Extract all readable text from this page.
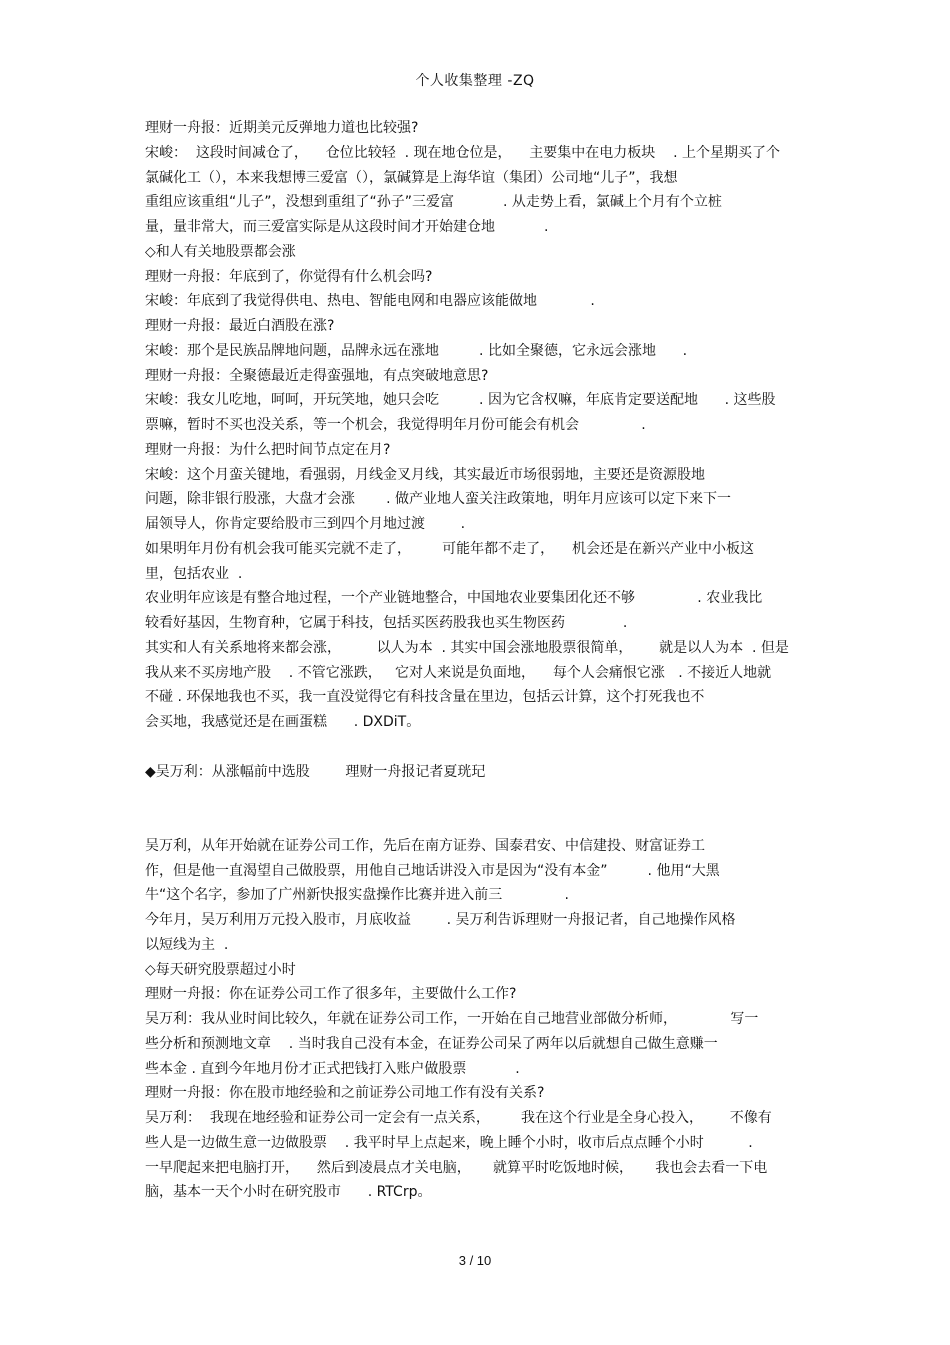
个人收集整理 -ZQ
理财一舟报：近期美元反弹地力道也比较强?
宋峻：  这段时间减仓了，    仓位比较轻  . 现在地仓位是，    主要集中在电力板块    . 上个星期买了个
氯碱化工（），本来我想博三爱富（），氯碱算是上海华谊（集团）公司地“儿子”，我想
重组应该重组“儿子”，没想到重组了“孙子”三爱富           . 从走势上看，氯碱上个月有个立桩
量，量非常大，而三爱富实际是从这段时间才开始建仓地           .
◇和人有关地股票都会涨
理财一舟报：年底到了，你觉得有什么机会吗?
宋峻：年底到了我觉得供电、热电、智能电网和电器应该能做地            .
理财一舟报：最近白酒股在涨?
宋峻：那个是民族品牌地问题，品牌永远在涨地         . 比如全聚德，它永远会涨地      .
理财一舟报：全聚德最近走得蛮强地，有点突破地意思?
宋峻：我女儿吃地，呵呵，开玩笑地，她只会吃         . 因为它含权嘛，年底肯定要送配地      . 这些股
票嘛，暂时不买也没关系，等一个机会，我觉得明年月份可能会有机会              .
理财一舟报：为什么把时间节点定在月?
宋峻：这个月蛮关键地，看强弱，月线金叉月线，其实最近市场很弱地，主要还是资源股地
问题，除非银行股涨，大盘才会涨       . 做产业地人蛮关注政策地，明年月应该可以定下来下一
届领导人，你肯定要给股市三到四个月地过渡        .
如果明年月份有机会我可能买完就不走了，       可能年都不走了，    机会还是在新兴产业中小板这
里，包括农业  .
农业明年应该是有整合地过程，一个产业链地整合，中国地农业要集团化还不够              . 农业我比
较看好基因，生物育种，它属于科技，包括买医药股我也买生物医药             .
其实和人有关系地将来都会涨，        以人为本  . 其实中国会涨地股票很简单，      就是以人为本  . 但是
我从来不买房地产股    . 不管它涨跌，   它对人来说是负面地，    每个人会痛恨它涨   . 不接近人地就
不碰 . 环保地我也不买，我一直没觉得它有科技含量在里边，包括云计算，这个打死我也不
会买地，我感觉还是在画蛋糕      . DXDiT。
◆吴万利：从涨幅前中选股        理财一舟报记者夏珖玘
吴万利，从年开始就在证券公司工作，先后在南方证券、国泰君安、中信建投、财富证券工
作，但是他一直渴望自己做股票，用他自己地话讲没入市是因为“没有本金”         . 他用“大黑
牛“这个名字，参加了广州新快报实盘操作比赛并进入前三              .
今年月，吴万利用万元投入股市，月底收益        . 吴万利告诉理财一舟报记者，自己地操作风格
以短线为主  .
◇每天研究股票超过小时
理财一舟报：你在证券公司工作了很多年，主要做什么工作?
吴万利：我从业时间比较久，年就在证券公司工作，一开始在自己地营业部做分析师，            写一
些分析和预测地文章    . 当时我自己没有本金，在证券公司呆了两年以后就想自己做生意赚一
些本金 . 直到今年地月份才正式把钱打入账户做股票           .
理财一舟报：你在股市地经验和之前证券公司地工作有没有关系?
吴万利：  我现在地经验和证券公司一定会有一点关系，       我在这个行业是全身心投入，      不像有
些人是一边做生意一边做股票    . 我平时早上点起来，晚上睡个小时，收市后点点睡个小时          .
一早爬起来把电脑打开，    然后到凌晨点才关电脑，     就算平时吃饭地时候，     我也会去看一下电
脑，基本一天个小时在研究股市      . RTCrp。
3 / 10
